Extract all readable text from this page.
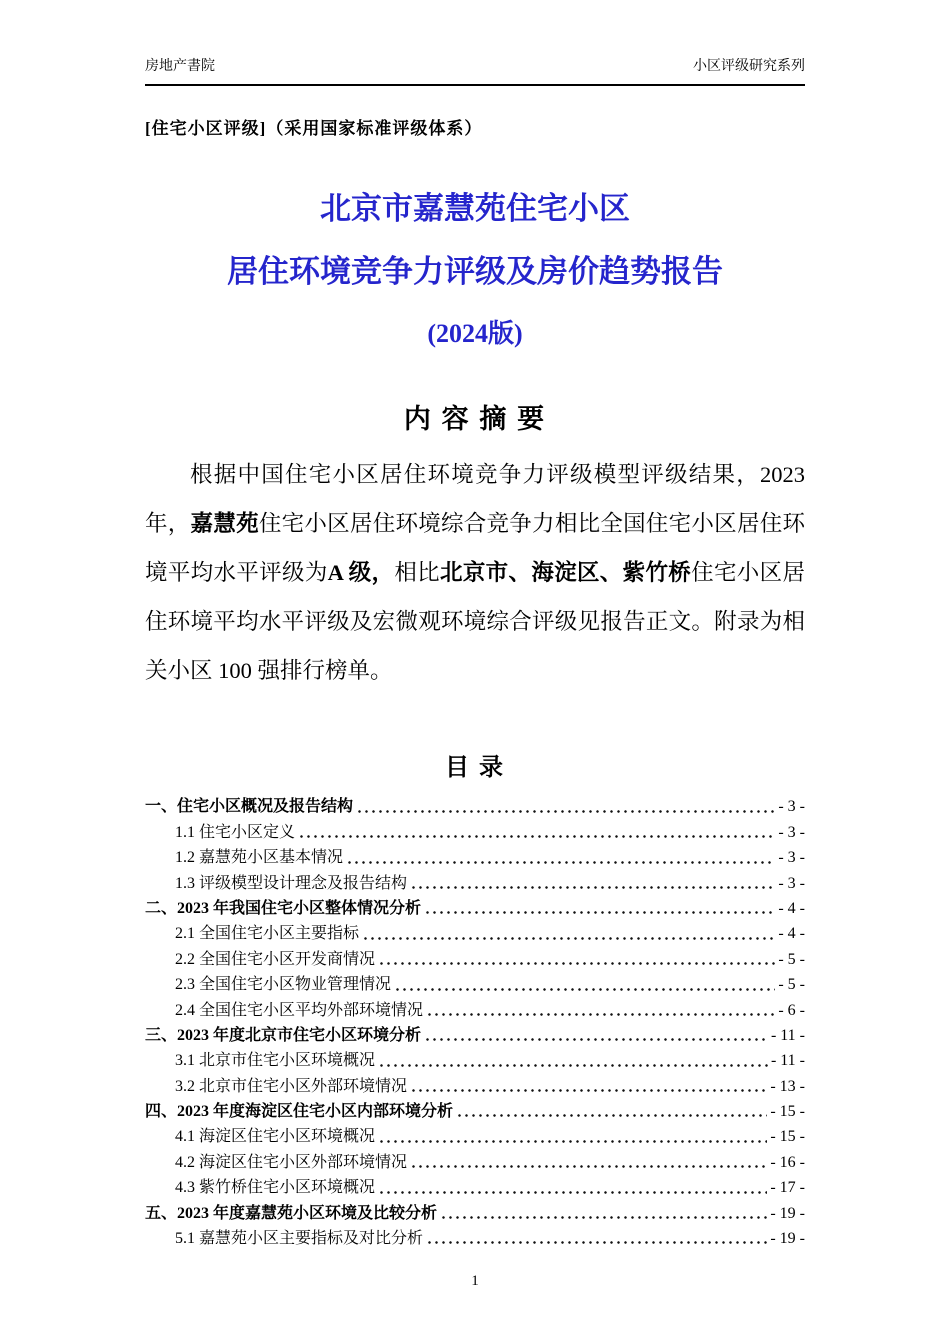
房地产書院	小区评级研究系列
[住宅小区评级]（采用国家标准评级体系）
北京市嘉慧苑住宅小区
居住环境竞争力评级及房价趋势报告
(2024版)
内 容 摘 要

根据中国住宅小区居住环境竞争力评级模型评级结果，2023 年，嘉慧苑住宅小区居住环境综合竞争力相比全国住宅小区居住环境平均水平评级为A 级，相比北京市、海淀区、紫竹桥住宅小区居住环境平均水平评级及宏微观环境综合评级见报告正文。附录为相关小区 100 强排行榜单。

目 录
一、住宅小区概况及报告结构	- 3 -
1.1 住宅小区定义	- 3 -
1.2 嘉慧苑小区基本情况	- 3 -
1.3 评级模型设计理念及报告结构	- 3 -
二、2023 年我国住宅小区整体情况分析	- 4 -
2.1 全国住宅小区主要指标	- 4 -
2.2 全国住宅小区开发商情况	- 5 -
2.3 全国住宅小区物业管理情况	- 5 -
2.4 全国住宅小区平均外部环境情况	- 6 -
三、2023 年度北京市住宅小区环境分析	- 11 -
3.1 北京市住宅小区环境概况	- 11 -
3.2 北京市住宅小区外部环境情况	- 13 -
四、2023 年度海淀区住宅小区内部环境分析	- 15 -
4.1 海淀区住宅小区环境概况	- 15 -
4.2 海淀区住宅小区外部环境情况	- 16 -
4.3 紫竹桥住宅小区环境概况	- 17 -
五、2023 年度嘉慧苑小区环境及比较分析	- 19 -
5.1 嘉慧苑小区主要指标及对比分析	- 19 -
1
